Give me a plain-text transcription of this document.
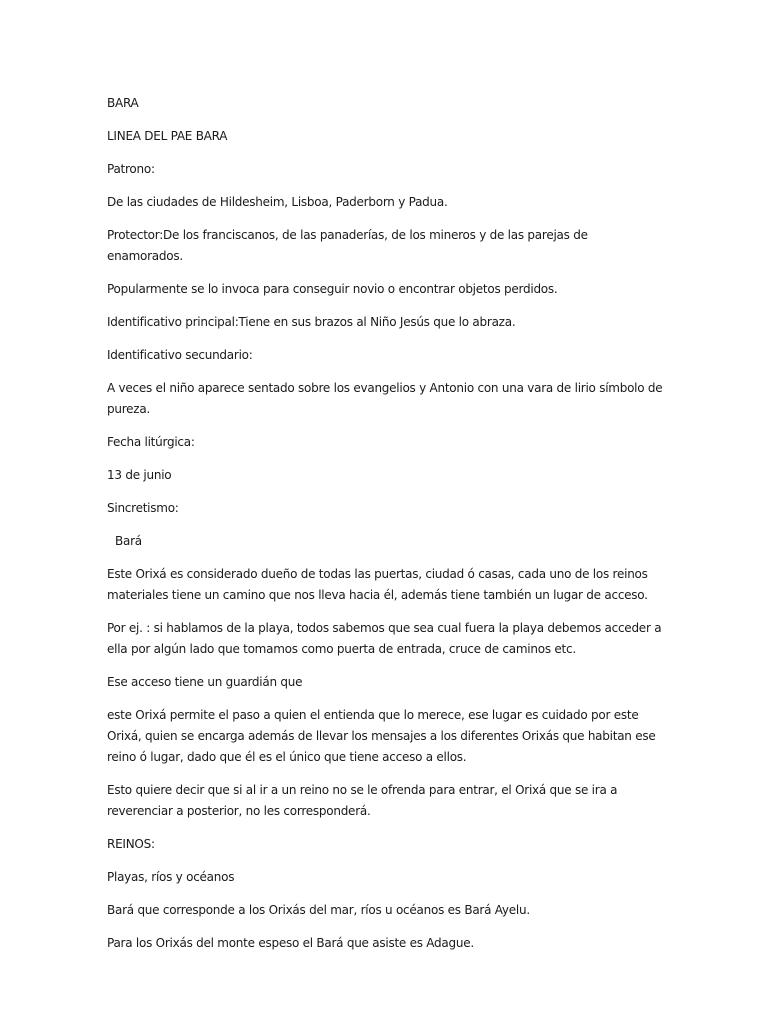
BARA

LINEA DEL PAE BARA

Patrono:

De las ciudades de Hildesheim, Lisboa, Paderborn y Padua.

Protector:De los franciscanos, de las panaderías, de los mineros y de las parejas de enamorados.

Popularmente se lo invoca para conseguir novio o encontrar objetos perdidos.

Identificativo principal:Tiene en sus brazos al Niño Jesús que lo abraza.

Identificativo secundario:

A veces el niño aparece sentado sobre los evangelios y Antonio con una vara de lirio símbolo de pureza.

Fecha litúrgica:

13 de junio

Sincretismo:

Bará

Este Orixá es considerado dueño de todas las puertas, ciudad ó casas, cada uno de los reinos materiales tiene un camino que nos lleva hacia él, además tiene también un lugar de acceso.

Por ej. : si hablamos de la playa, todos sabemos que sea cual fuera la playa debemos acceder a ella por algún lado que tomamos como puerta de entrada, cruce de caminos etc.

Ese acceso tiene un guardián que

este Orixá permite el paso a quien el entienda que lo merece, ese lugar es cuidado por este Orixá, quien se encarga además de llevar los mensajes a los diferentes Orixás que habitan ese reino ó lugar, dado que él es el único que tiene acceso a ellos.

Esto quiere decir que si al ir a un reino no se le ofrenda para entrar, el Orixá que se ira a reverenciar a posterior, no les corresponderá.

REINOS:

Playas, ríos y océanos

Bará que corresponde a los Orixás del mar, ríos u océanos es Bará Ayelu.

Para los Orixás del monte espeso el Bará que asiste es Adague.
